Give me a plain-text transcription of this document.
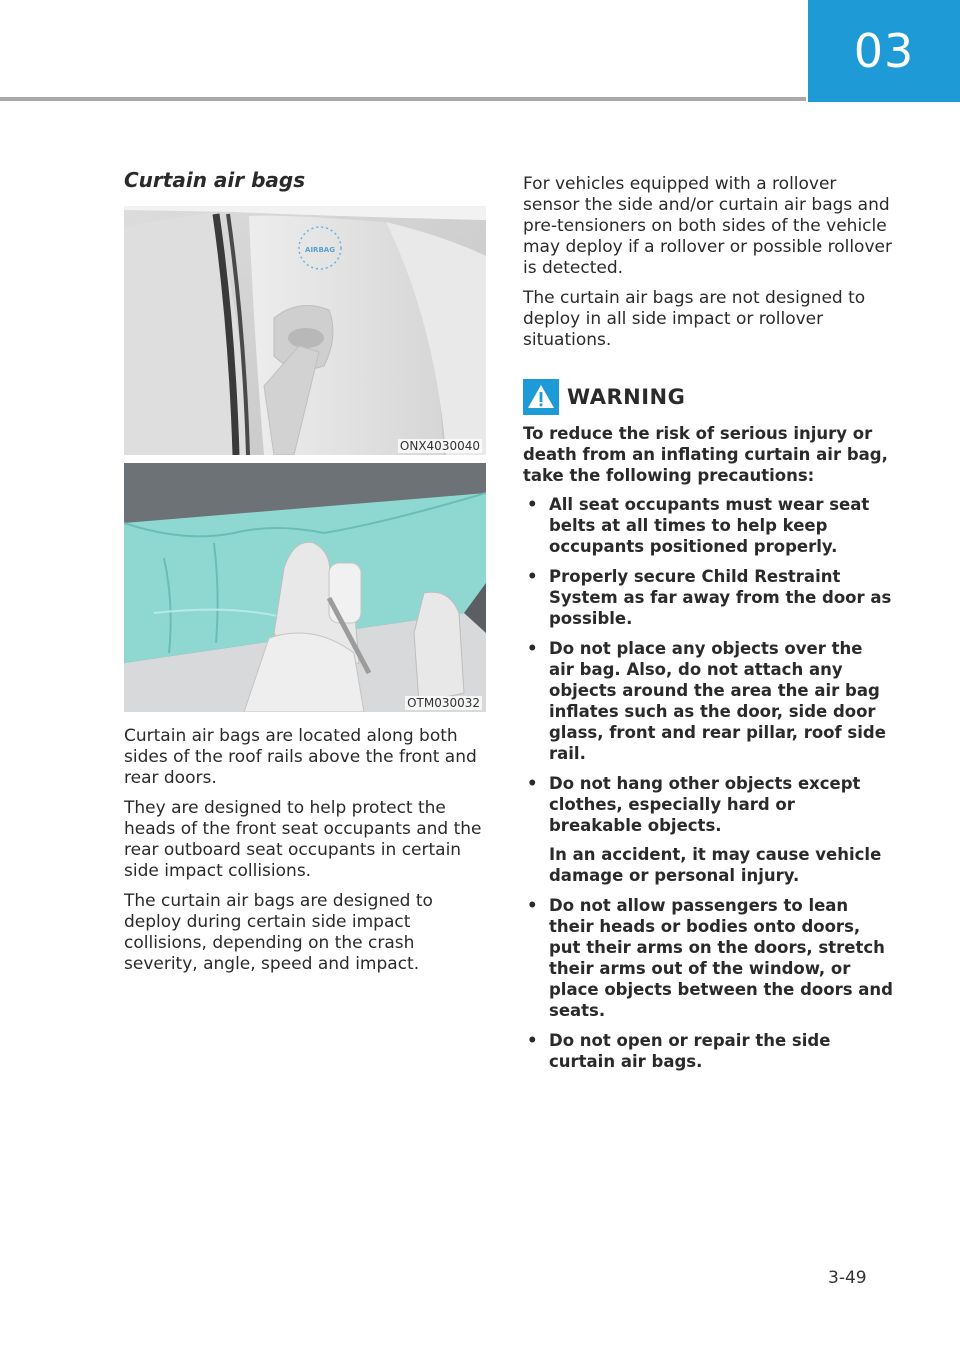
03
Curtain air bags
AIRBAG
ONX4030040
OTM030032

Curtain air bags are located along both sides of the roof rails above the front and rear doors.

They are designed to help protect the heads of the front seat occupants and the rear outboard seat occupants in certain side impact collisions.

The curtain air bags are designed to deploy during certain side impact collisions, depending on the crash severity, angle, speed and impact.

For vehicles equipped with a rollover sensor the side and/or curtain air bags and pre-tensioners on both sides of the vehicle may deploy if a rollover or possible rollover is detected.

The curtain air bags are not designed to deploy in all side impact or rollover situations.

WARNING

To reduce the risk of serious injury or death from an inflating curtain air bag, take the following precautions:

• All seat occupants must wear seat belts at all times to help keep occupants positioned properly.
• Properly secure Child Restraint System as far away from the door as possible.
• Do not place any objects over the air bag. Also, do not attach any objects around the area the air bag inflates such as the door, side door glass, front and rear pillar, roof side rail.
• Do not hang other objects except clothes, especially hard or breakable objects.
In an accident, it may cause vehicle damage or personal injury.
• Do not allow passengers to lean their heads or bodies onto doors, put their arms on the doors, stretch their arms out of the window, or place objects between the doors and seats.
• Do not open or repair the side curtain air bags.
3-49
